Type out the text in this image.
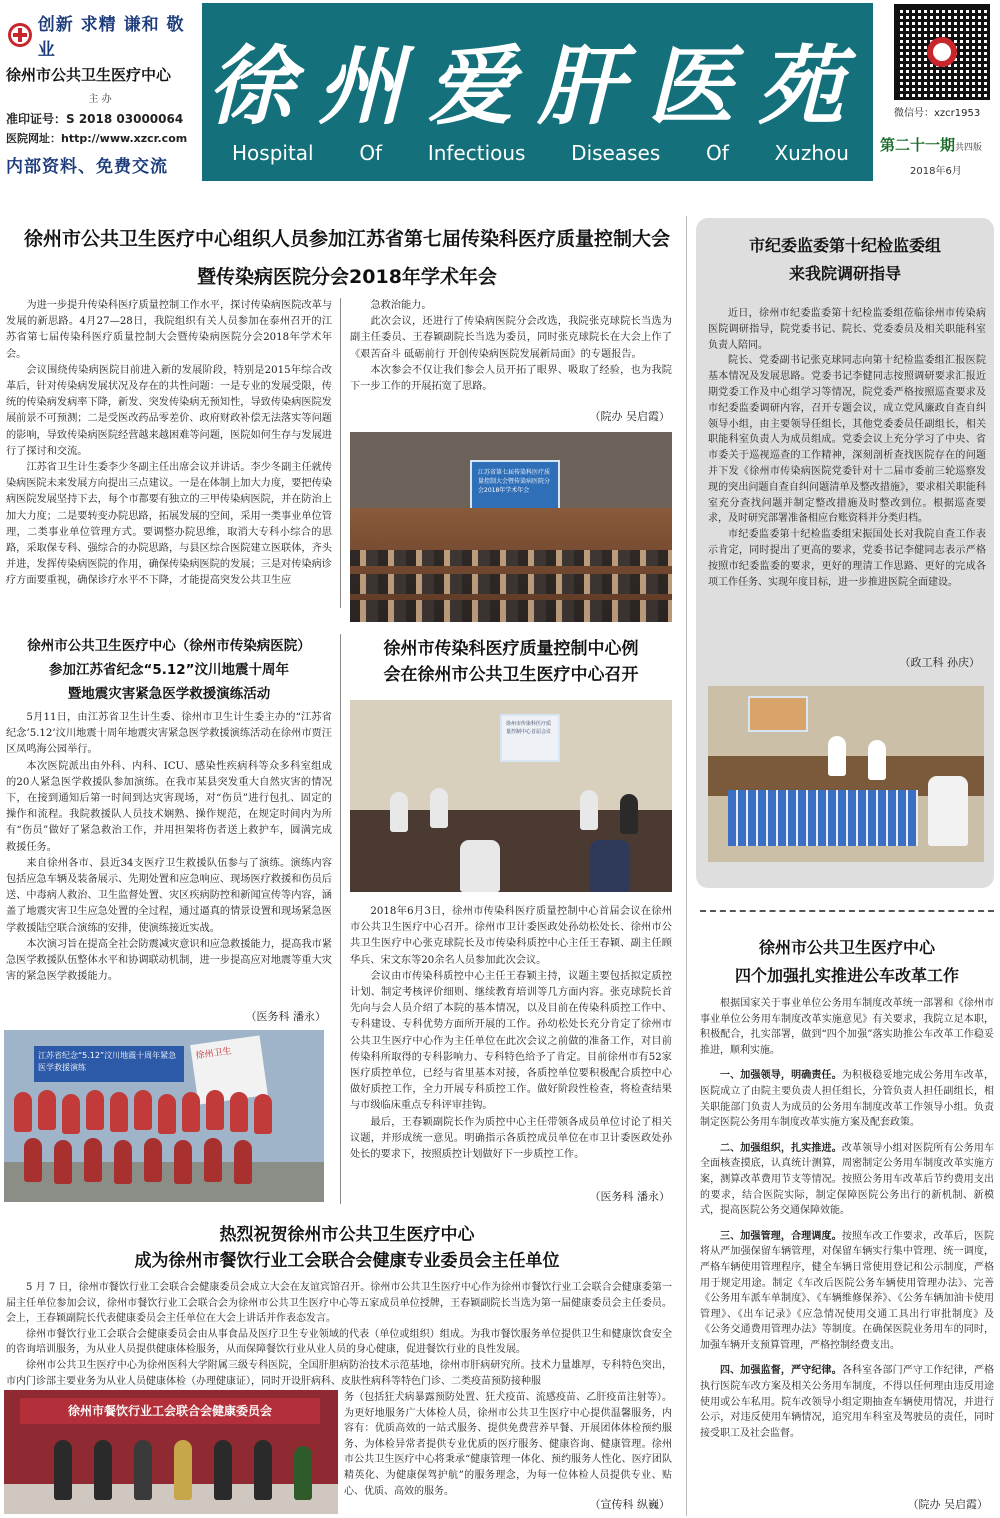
创新 求精 谦和 敬业
徐州市公共卫生医疗中心
主 办
准印证号：S 2018 03000064
医院网址：http://www.xzcr.com
内部资料、免费交流
徐州爱肝医苑
Hospital Of Infectious Diseases Of Xuzhou
微信号：xzcr1953
第二十一期共四版
2018年6月
徐州市公共卫生医疗中心组织人员参加江苏省第七届传染科医疗质量控制大会
暨传染病医院分会2018年学术年会

为进一步提升传染科医疗质量控制工作水平，探讨传染病医院改革与发展的新思路。4月27—28日，我院组织有关人员参加在泰州召开的江苏省第七届传染科医疗质量控制大会暨传染病医院分会2018年学术年会。

会议围绕传染病医院目前进入新的发展阶段，特别是2015年综合改革后，针对传染病发展状况及存在的共性问题：一是专业的发展受限，传统的传染病发病率下降，新发、突发传染病无预知性，导致传染病医院发展前景不可预测；二是受医改药品零差价、政府财政补偿无法落实等问题的影响，导致传染病医院经营越来越困难等问题，医院如何生存与发展进行了探讨和交流。

江苏省卫生计生委李少冬副主任出席会议并讲话。李少冬副主任就传染病医院未来发展方向提出三点建议。一是在体制上加大力度，要把传染病医院发展坚持下去，每个市都要有独立的三甲传染病医院，并在防治上加大力度；二是要转变办院思路，拓展发展的空间，采用一类事业单位管理，二类事业单位管理方式。要调整办院思维，取消大专科小综合的思路，采取保专科、强综合的办院思路，与县区综合医院建立医联体，齐头并进，发挥传染病医院的作用，确保传染病医院的发展；三是对传染病诊疗方面要重视，确保诊疗水平不下降，才能提高突发公共卫生应

急救治能力。

此次会议，还进行了传染病医院分会改选，我院张克球院长当选为副主任委员、王春颖副院长当选为委员，同时张克球院长在大会上作了《艰苦奋斗 砥砺前行 开创传染病医院发展新局面》的专题报告。

本次参会不仅让我们参会人员开拓了眼界、吸取了经验，也为我院下一步工作的开展拓宽了思路。

（院办 吴启霞）
江苏省第七届传染科医疗质量控制大会暨传染病医院分会2018年学术年会
徐州市公共卫生医疗中心（徐州市传染病医院）
参加江苏省纪念“5.12”汶川地震十周年
暨地震灾害紧急医学救援演练活动

5月11日，由江苏省卫生计生委、徐州市卫生计生委主办的“江苏省纪念’5.12’汶川地震十周年地震灾害紧急医学救援演练活动在徐州市贾汪区凤鸣海公园举行。

本次医院派出由外科、内科、ICU、感染性疾病科等众多科室组成的20人紧急医学救援队参加演练。在我市某县突发重大自然灾害的情况下，在接到通知后第一时间到达灾害现场，对“伤员”进行包扎、固定的操作和流程。我院救援队人员技术娴熟、操作规范，在规定时间内为所有“伤员”做好了紧急救治工作，并用担架将伤者送上救护车，圆满完成救援任务。

来自徐州各市、县近34支医疗卫生救援队伍参与了演练。演练内容包括应急车辆及装备展示、先期处置和应急响应、现场医疗救援和伤员后送、中毒病人救治、卫生监督处置、灾区疾病防控和新闻宣传等内容，涵盖了地震灾害卫生应急处置的全过程，通过逼真的情景设置和现场紧急医学救援陆空联合演练的安排，使演练接近实战。

本次演习旨在提高全社会防震减灾意识和应急救援能力，提高我市紧急医学救援队伍整体水平和协调联动机制，进一步提高应对地震等重大灾害的紧急医学救援能力。

（医务科 潘永）
江苏省纪念“5.12”汶川地震十周年紧急医学救援演练
徐州卫生
徐州市传染科医疗质量控制中心例
会在徐州市公共卫生医疗中心召开
徐州市传染科医疗质量控制中心首届会议

2018年6月3日，徐州市传染科医疗质量控制中心首届会议在徐州市公共卫生医疗中心召开。徐州市卫计委医政处孙幼松处长、徐州市公共卫生医疗中心张克球院长及市传染科质控中心主任王春颖、副主任顾华兵、宋文东等20余名人员参加此次会议。

会议由市传染科质控中心主任王春颖主持，议题主要包括拟定质控计划、制定考核评价细则、继续教育培训等几方面内容。张克球院长首先向与会人员介绍了本院的基本情况，以及目前在传染科质控工作中、专科建设、专科优势方面所开展的工作。孙幼松处长充分肯定了徐州市公共卫生医疗中心作为主任单位在此次会议之前做的准备工作，对目前传染科所取得的专科影响力、专科特色给予了肯定。目前徐州市有52家医疗质控单位，已经与省里基本对接，各质控单位要积极配合质控中心做好质控工作，全力开展专科质控工作。做好阶段性检查，将检查结果与市级临床重点专科评审挂钩。

最后，王春颖副院长作为质控中心主任带领各成员单位讨论了相关议题，并形成统一意见。明确指示各质控成员单位在市卫计委医政处孙处长的要求下，按照质控计划做好下一步质控工作。

（医务科 潘永）
热烈祝贺徐州市公共卫生医疗中心
成为徐州市餐饮行业工会联合会健康专业委员会主任单位

5 月 7 日，徐州市餐饮行业工会联合会健康委员会成立大会在友谊宾馆召开。徐州市公共卫生医疗中心作为徐州市餐饮行业工会联合会健康委第一届主任单位参加会议，徐州市餐饮行业工会联合会为徐州市公共卫生医疗中心等五家成员单位授牌，王春颖副院长当选为第一届健康委员会主任委员。会上，王春颖副院长代表健康委员会主任单位在大会上讲话并作表态发言。

徐州市餐饮行业工会联合会健康委员会由从事食品及医疗卫生专业领域的代表（单位或组织）组成。为我市餐饮服务单位提供卫生和健康饮食安全的咨询培训服务，为从业人员提供健康体检服务，从而保障餐饮行业从业人员的身心健康，促进餐饮行业的良性发展。

徐州市公共卫生医疗中心为徐州医科大学附属三级专科医院，全国肝胆病防治技术示范基地，徐州市肝病研究所。技术力量雄厚，专科特色突出，市内门诊部主要业务为从业人员健康体检（办理健康证），同时开设肝病科、皮肤性病科等特色门诊、二类疫苗预防接种服

徐州市餐饮行业工会联合会健康委员会

务（包括狂犬病暴露预防处置、狂犬疫苗、流感疫苗、乙肝疫苗注射等）。为更好地服务广大体检人员，徐州市公共卫生医疗中心提供温馨服务，内容有：优质高效的一站式服务、提供免费营养早餐、开展团体体检预约服务、为体检异常者提供专业优质的医疗服务、健康咨询、健康管理。徐州市公共卫生医疗中心将秉承“健康管理一体化、预约服务人性化、医疗团队精英化、为健康保驾护航”的服务理念，为每一位体检人员提供专业、贴心、优质、高效的服务。

（宣传科 纵巍）
市纪委监委第十纪检监委组
来我院调研指导

近日，徐州市纪委监委第十纪检监委组莅临徐州市传染病医院调研指导，院党委书记、院长、党委委员及相关职能科室负责人陪同。

院长、党委副书记张克球同志向第十纪检监委组汇报医院基本情况及发展思路。党委书记李健同志按照调研要求汇报近期党委工作及中心组学习等情况，院党委严格按照巡查要求及市纪委监委调研内容，召开专题会议，成立党风廉政自查自纠领导小组，由主要领导任组长，其他党委委员任副组长，相关职能科室负责人为成员组成。党委会议上充分学习了中央、省市委关于巡视巡查的工作精神，深刻剖析查找医院存在的问题并下发《徐州市传染病医院党委针对十二届市委前三轮巡察发现的突出问题自查自纠问题清单及整改措施》，要求相关职能科室充分查找问题并制定整改措施及时整改到位。根据巡查要求，及时研究部署准备相应台账资料并分类归档。

市纪委监委第十纪检监委组宋振国处长对我院自查工作表示肯定，同时提出了更高的要求，党委书记李健同志表示严格按照市纪委监委的要求，更好的理清工作思路、更好的完成各项工作任务、实现年度目标，进一步推进医院全面建设。

（政工科 孙庆）
徐州市公共卫生医疗中心
四个加强扎实推进公车改革工作

根据国家关于事业单位公务用车制度改革统一部署和《徐州市事业单位公务用车制度改革实施意见》有关要求，我院立足本职，积极配合，扎实部署，做到“四个加强”落实助推公车改革工作稳妥推进，顺利实施。

一、加强领导，明确责任。为积极稳妥地完成公务用车改革，医院成立了由院主要负责人担任组长，分管负责人担任副组长，相关职能部门负责人为成员的公务用车制度改革工作领导小组。负责制定医院公务用车制度改革实施方案及配套政策。

二、加强组织，扎实推进。改革领导小组对医院所有公务用车全面核查摸底，认真统计测算，周密制定公务用车制度改革实施方案，测算改革费用节支等情况。按照公务用车改革后节约费用支出的要求，结合医院实际，制定保障医院公务出行的新机制、新模式，提高医院公务交通保障效能。

三、加强管理，合理调度。按照车改工作要求，改革后，医院将从严加强保留车辆管理，对保留车辆实行集中管理、统一调度，严格车辆使用管理程序，健全车辆日常使用登记和公示制度，严格用于规定用途。制定《车改后医院公务车辆使用管理办法》、完善《公务用车派车单制度》、《车辆维修保养》、《公务车辆加油卡使用管理》、《出车记录》《应急情况使用交通工具出行审批制度》及《公务交通费用管理办法》等制度。在确保医院业务用车的同时，加强车辆开支预算管理，严格控制经费支出。

四、加强监督，严守纪律。各科室各部门严守工作纪律，严格执行医院车改方案及相关公务用车制度，不得以任何理由违反用途使用或公车私用。院车改领导小组定期抽查车辆使用情况，并进行公示，对违反使用车辆情况，追究用车科室及驾驶员的责任，同时接受职工及社会监督。

（院办 吴启霞）
